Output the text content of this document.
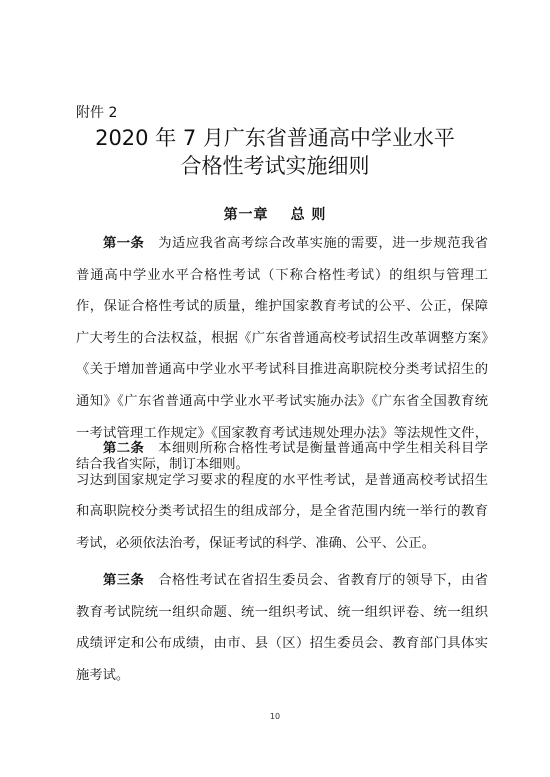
附件 2
2020 年 7 月广东省普通高中学业水平
合格性考试实施细则
第一章 总 则

第一条 为适应我省高考综合改革实施的需要，进一步规范我省普通高中学业水平合格性考试（下称合格性考试）的组织与管理工作，保证合格性考试的质量，维护国家教育考试的公平、公正，保障广大考生的合法权益，根据《广东省普通高校考试招生改革调整方案》《关于增加普通高中学业水平考试科目推进高职院校分类考试招生的通知》《广东省普通高中学业水平考试实施办法》《广东省全国教育统一考试管理工作规定》《国家教育考试违规处理办法》等法规性文件，结合我省实际，制订本细则。

第二条 本细则所称合格性考试是衡量普通高中学生相关科目学习达到国家规定学习要求的程度的水平性考试，是普通高校考试招生和高职院校分类考试招生的组成部分，是全省范围内统一举行的教育考试，必须依法治考，保证考试的科学、准确、公平、公正。

第三条 合格性考试在省招生委员会、省教育厅的领导下，由省教育考试院统一组织命题、统一组织考试、统一组织评卷、统一组织成绩评定和公布成绩，由市、县（区）招生委员会、教育部门具体实施考试。

10
